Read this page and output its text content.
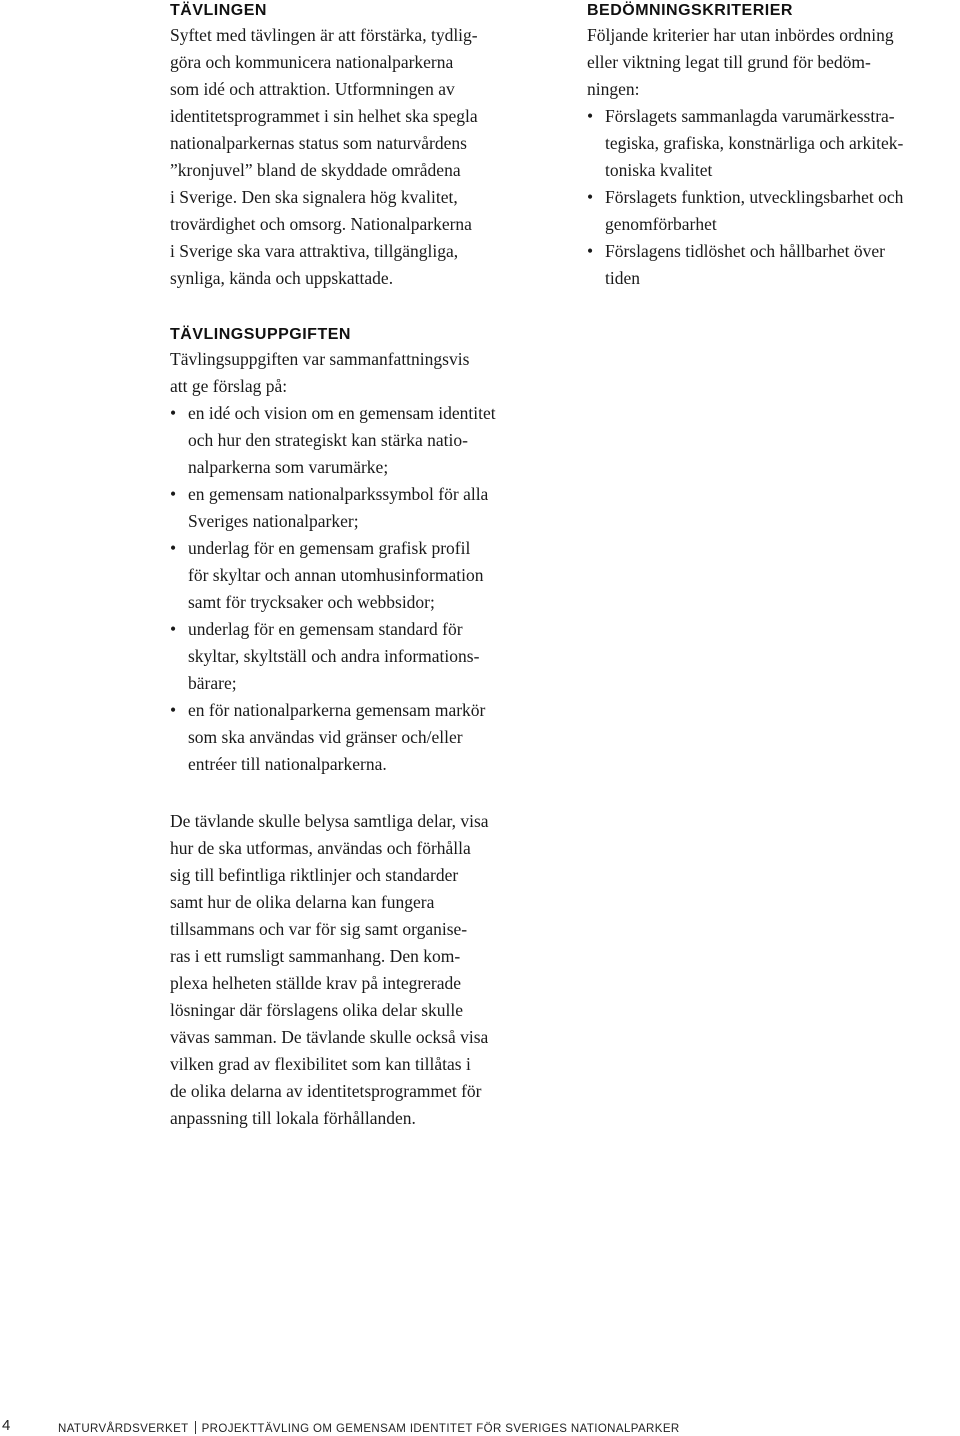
TÄVLINGEN

Syftet med tävlingen är att förstärka, tydlig-
göra och kommunicera nationalparkerna
som idé och attraktion. Utformningen av
identitetsprogrammet i sin helhet ska spegla
nationalparkernas status som naturvårdens
”kronjuvel” bland de skyddade områdena
i Sverige. Den ska signalera hög kvalitet,
trovärdighet och omsorg. Nationalparkerna
i Sverige ska vara attraktiva, tillgängliga,
synliga, kända och uppskattade.

TÄVLINGSUPPGIFTEN

Tävlingsuppgiften var sammanfattningsvis
att ge förslag på:

• en idé och vision om en gemensam identitet
och hur den strategiskt kan stärka natio-
nalparkerna som varumärke;
• en gemensam nationalparkssymbol för alla
Sveriges nationalparker;
• underlag för en gemensam grafisk profil
för skyltar och annan utomhusinformation
samt för trycksaker och webbsidor;
• underlag för en gemensam standard för
skyltar, skyltställ och andra informations-
bärare;
• en för nationalparkerna gemensam markör
som ska användas vid gränser och/eller
entréer till nationalparkerna.

De tävlande skulle belysa samtliga delar, visa
hur de ska utformas, användas och förhålla
sig till befintliga riktlinjer och standarder
samt hur de olika delarna kan fungera
tillsammans och var för sig samt organise-
ras i ett rumsligt sammanhang. Den kom-
plexa helheten ställde krav på integrerade
lösningar där förslagens olika delar skulle
vävas samman. De tävlande skulle också visa
vilken grad av flexibilitet som kan tillåtas i
de olika delarna av identitetsprogrammet för
anpassning till lokala förhållanden.

BEDÖMNINGSKRITERIER

Följande kriterier har utan inbördes ordning
eller viktning legat till grund för bedöm-
ningen:

• Förslagets sammanlagda varumärkesstra-
tegiska, grafiska, konstnärliga och arkitek-
toniska kvalitet
• Förslagets funktion, utvecklingsbarhet och
genomförbarhet
• Förslagens tidlöshet och hållbarhet över
tiden
4	NATURVÅRDSVERKET PROJEKTTÄVLING OM GEMENSAM IDENTITET FÖR SVERIGES NATIONALPARKER
